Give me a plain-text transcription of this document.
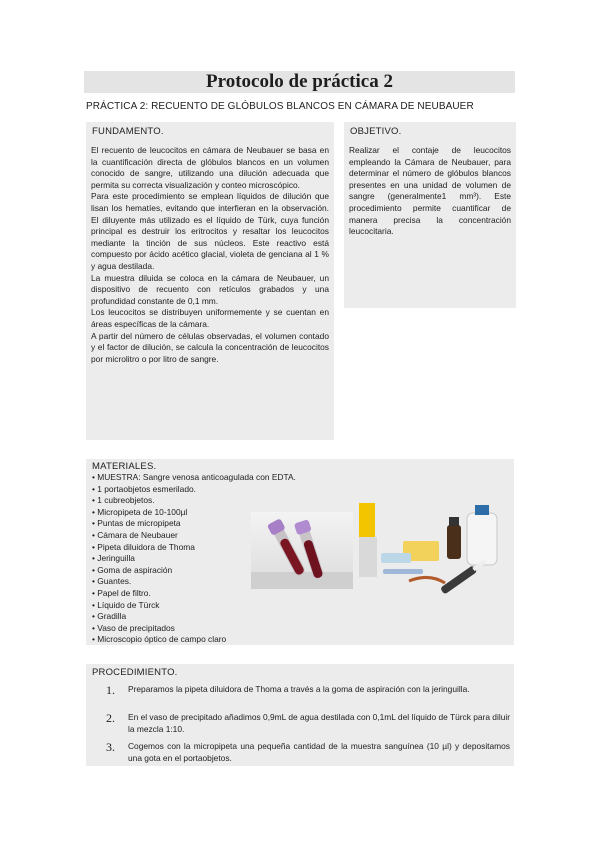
Protocolo de práctica 2
PRÁCTICA 2: RECUENTO DE GLÓBULOS BLANCOS EN CÁMARA DE NEUBAUER
FUNDAMENTO.

El recuento de leucocitos en cámara de Neubauer se basa en la cuantificación directa de glóbulos blancos en un volumen conocido de sangre, utilizando una dilución adecuada que permita su correcta visualización y conteo microscópico.

Para este procedimiento se emplean líquidos de dilución que lisan los hematíes, evitando que interfieran en la observación. El diluyente más utilizado es el líquido de Türk, cuya función principal es destruir los eritrocitos y resaltar los leucocitos mediante la tinción de sus núcleos. Este reactivo está compuesto por ácido acético glacial, violeta de genciana al 1 % y agua destilada.

La muestra diluida se coloca en la cámara de Neubauer, un dispositivo de recuento con retículos grabados y una profundidad constante de 0,1 mm.

Los leucocitos se distribuyen uniformemente y se cuentan en áreas específicas de la cámara.

A partir del número de células observadas, el volumen contado y el factor de dilución, se calcula la concentración de leucocitos por microlitro o por litro de sangre.

OBJETIVO.

Realizar el contaje de leucocitos empleando la Cámara de Neubauer, para determinar el número de glóbulos blancos presentes en una unidad de volumen de sangre (generalmente1 mm³). Este procedimiento permite cuantificar de manera precisa la concentración leucocitaria.

MATERIALES.
• MUESTRA: Sangre venosa anticoagulada con EDTA.
• 1 portaobjetos esmerilado.
• 1 cubreobjetos.
• Micropipeta de 10-100µl
• Puntas de micropipeta
• Cámara de Neubauer
• Pipeta diluidora de Thoma
• Jeringuilla
• Goma de aspiración
• Guantes.
• Papel de filtro.
• Líquido de Türck
• Gradilla
• Vaso de precipitados
• Microscopio óptico de campo claro
PROCEDIMIENTO.
1. Preparamos la pipeta diluidora de Thoma a través a la goma de aspiración con la jeringuilla.
2. En el vaso de precipitado añadimos 0,9mL de agua destilada con 0,1mL del líquido de Türck para diluir la mezcla 1:10.
3. Cogemos con la micropipeta una pequeña cantidad de la muestra sanguínea (10 µl) y depositamos una gota en el portaobjetos.
